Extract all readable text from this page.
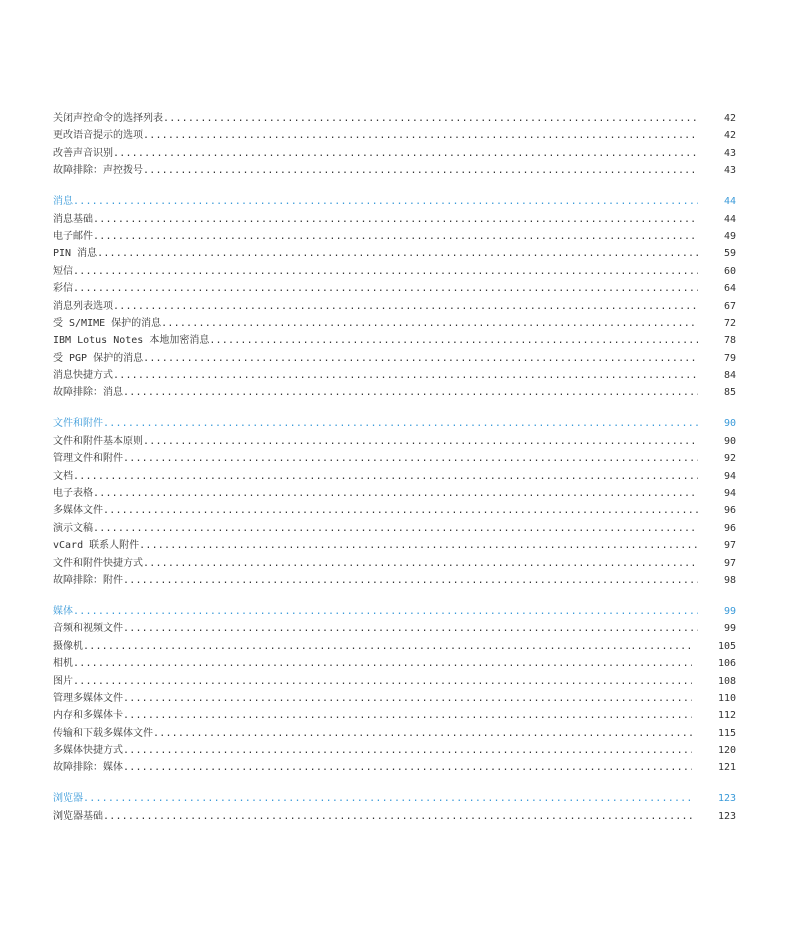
关闭声控命令的选择列表 .....	42
更改语音提示的选项 .....	42
改善声音识别 .....	43
故障排除：声控拨号 .....	43
消息 .....	44
消息基础 .....	44
电子邮件 .....	49
PIN 消息 .....	59
短信 .....	60
彩信 .....	64
消息列表选项 .....	67
受 S/MIME 保护的消息 .....	72
IBM Lotus Notes 本地加密消息 .....	78
受 PGP 保护的消息 .....	79
消息快捷方式 .....	84
故障排除：消息 .....	85
文件和附件 .....	90
文件和附件基本原则 .....	90
管理文件和附件 .....	92
文档 .....	94
电子表格 .....	94
多媒体文件 .....	96
演示文稿 .....	96
vCard 联系人附件 .....	97
文件和附件快捷方式 .....	97
故障排除：附件 .....	98
媒体 .....	99
音频和视频文件 .....	99
摄像机 .....	105
相机 .....	106
图片 .....	108
管理多媒体文件 .....	110
内存和多媒体卡 .....	112
传输和下载多媒体文件 .....	115
多媒体快捷方式 .....	120
故障排除：媒体 .....	121
浏览器 .....	123
浏览器基础 .....	123
